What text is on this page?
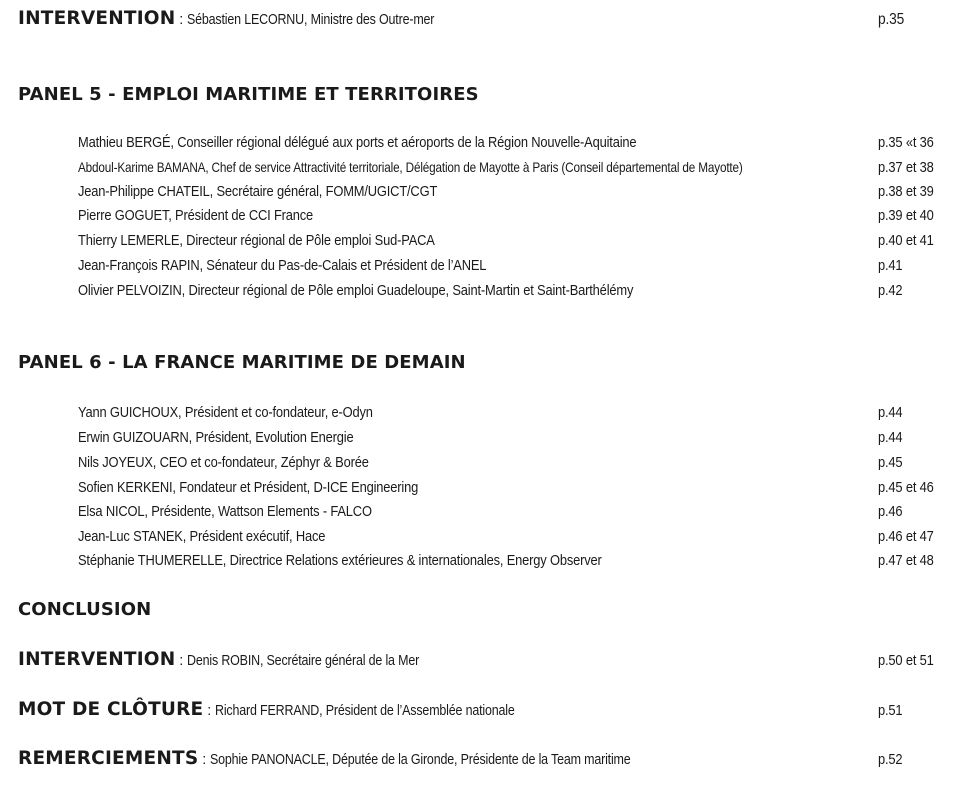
INTERVENTION : Sébastien LECORNU, Ministre des Outre-mer	p.35
PANEL 5 - EMPLOI MARITIME ET TERRITOIRES
Mathieu BERGÉ, Conseiller régional délégué aux ports et aéroports de la Région Nouvelle-Aquitaine	p.35 «t 36
Abdoul-Karime BAMANA, Chef de service Attractivité territoriale, Délégation de Mayotte à Paris (Conseil départemental de Mayotte)	p.37 et 38
Jean-Philippe CHATEIL, Secrétaire général, FOMM/UGICT/CGT	p.38 et 39
Pierre GOGUET, Président de CCI France	p.39 et 40
Thierry LEMERLE, Directeur régional de Pôle emploi Sud-PACA	p.40 et 41
Jean-François RAPIN, Sénateur du Pas-de-Calais et Président de l’ANEL	p.41
Olivier PELVOIZIN, Directeur régional de Pôle emploi Guadeloupe, Saint-Martin et Saint-Barthélémy	p.42
PANEL 6 - LA FRANCE MARITIME DE DEMAIN
Yann GUICHOUX, Président et co-fondateur, e-Odyn	p.44
Erwin GUIZOUARN, Président, Evolution Energie	p.44
Nils JOYEUX, CEO et co-fondateur, Zéphyr & Borée	p.45
Sofien KERKENI, Fondateur et Président, D-ICE Engineering	p.45 et 46
Elsa NICOL, Présidente, Wattson Elements - FALCO	p.46
Jean-Luc STANEK, Président exécutif, Hace	p.46 et 47
Stéphanie THUMERELLE, Directrice Relations extérieures & internationales, Energy Observer	p.47 et 48
CONCLUSION
INTERVENTION : Denis ROBIN, Secrétaire général de la Mer	p.50 et 51
MOT DE CLÔTURE : Richard FERRAND, Président de l’Assemblée nationale	p.51
REMERCIEMENTS : Sophie PANONACLE, Députée de la Gironde, Présidente de la Team maritime	p.52
